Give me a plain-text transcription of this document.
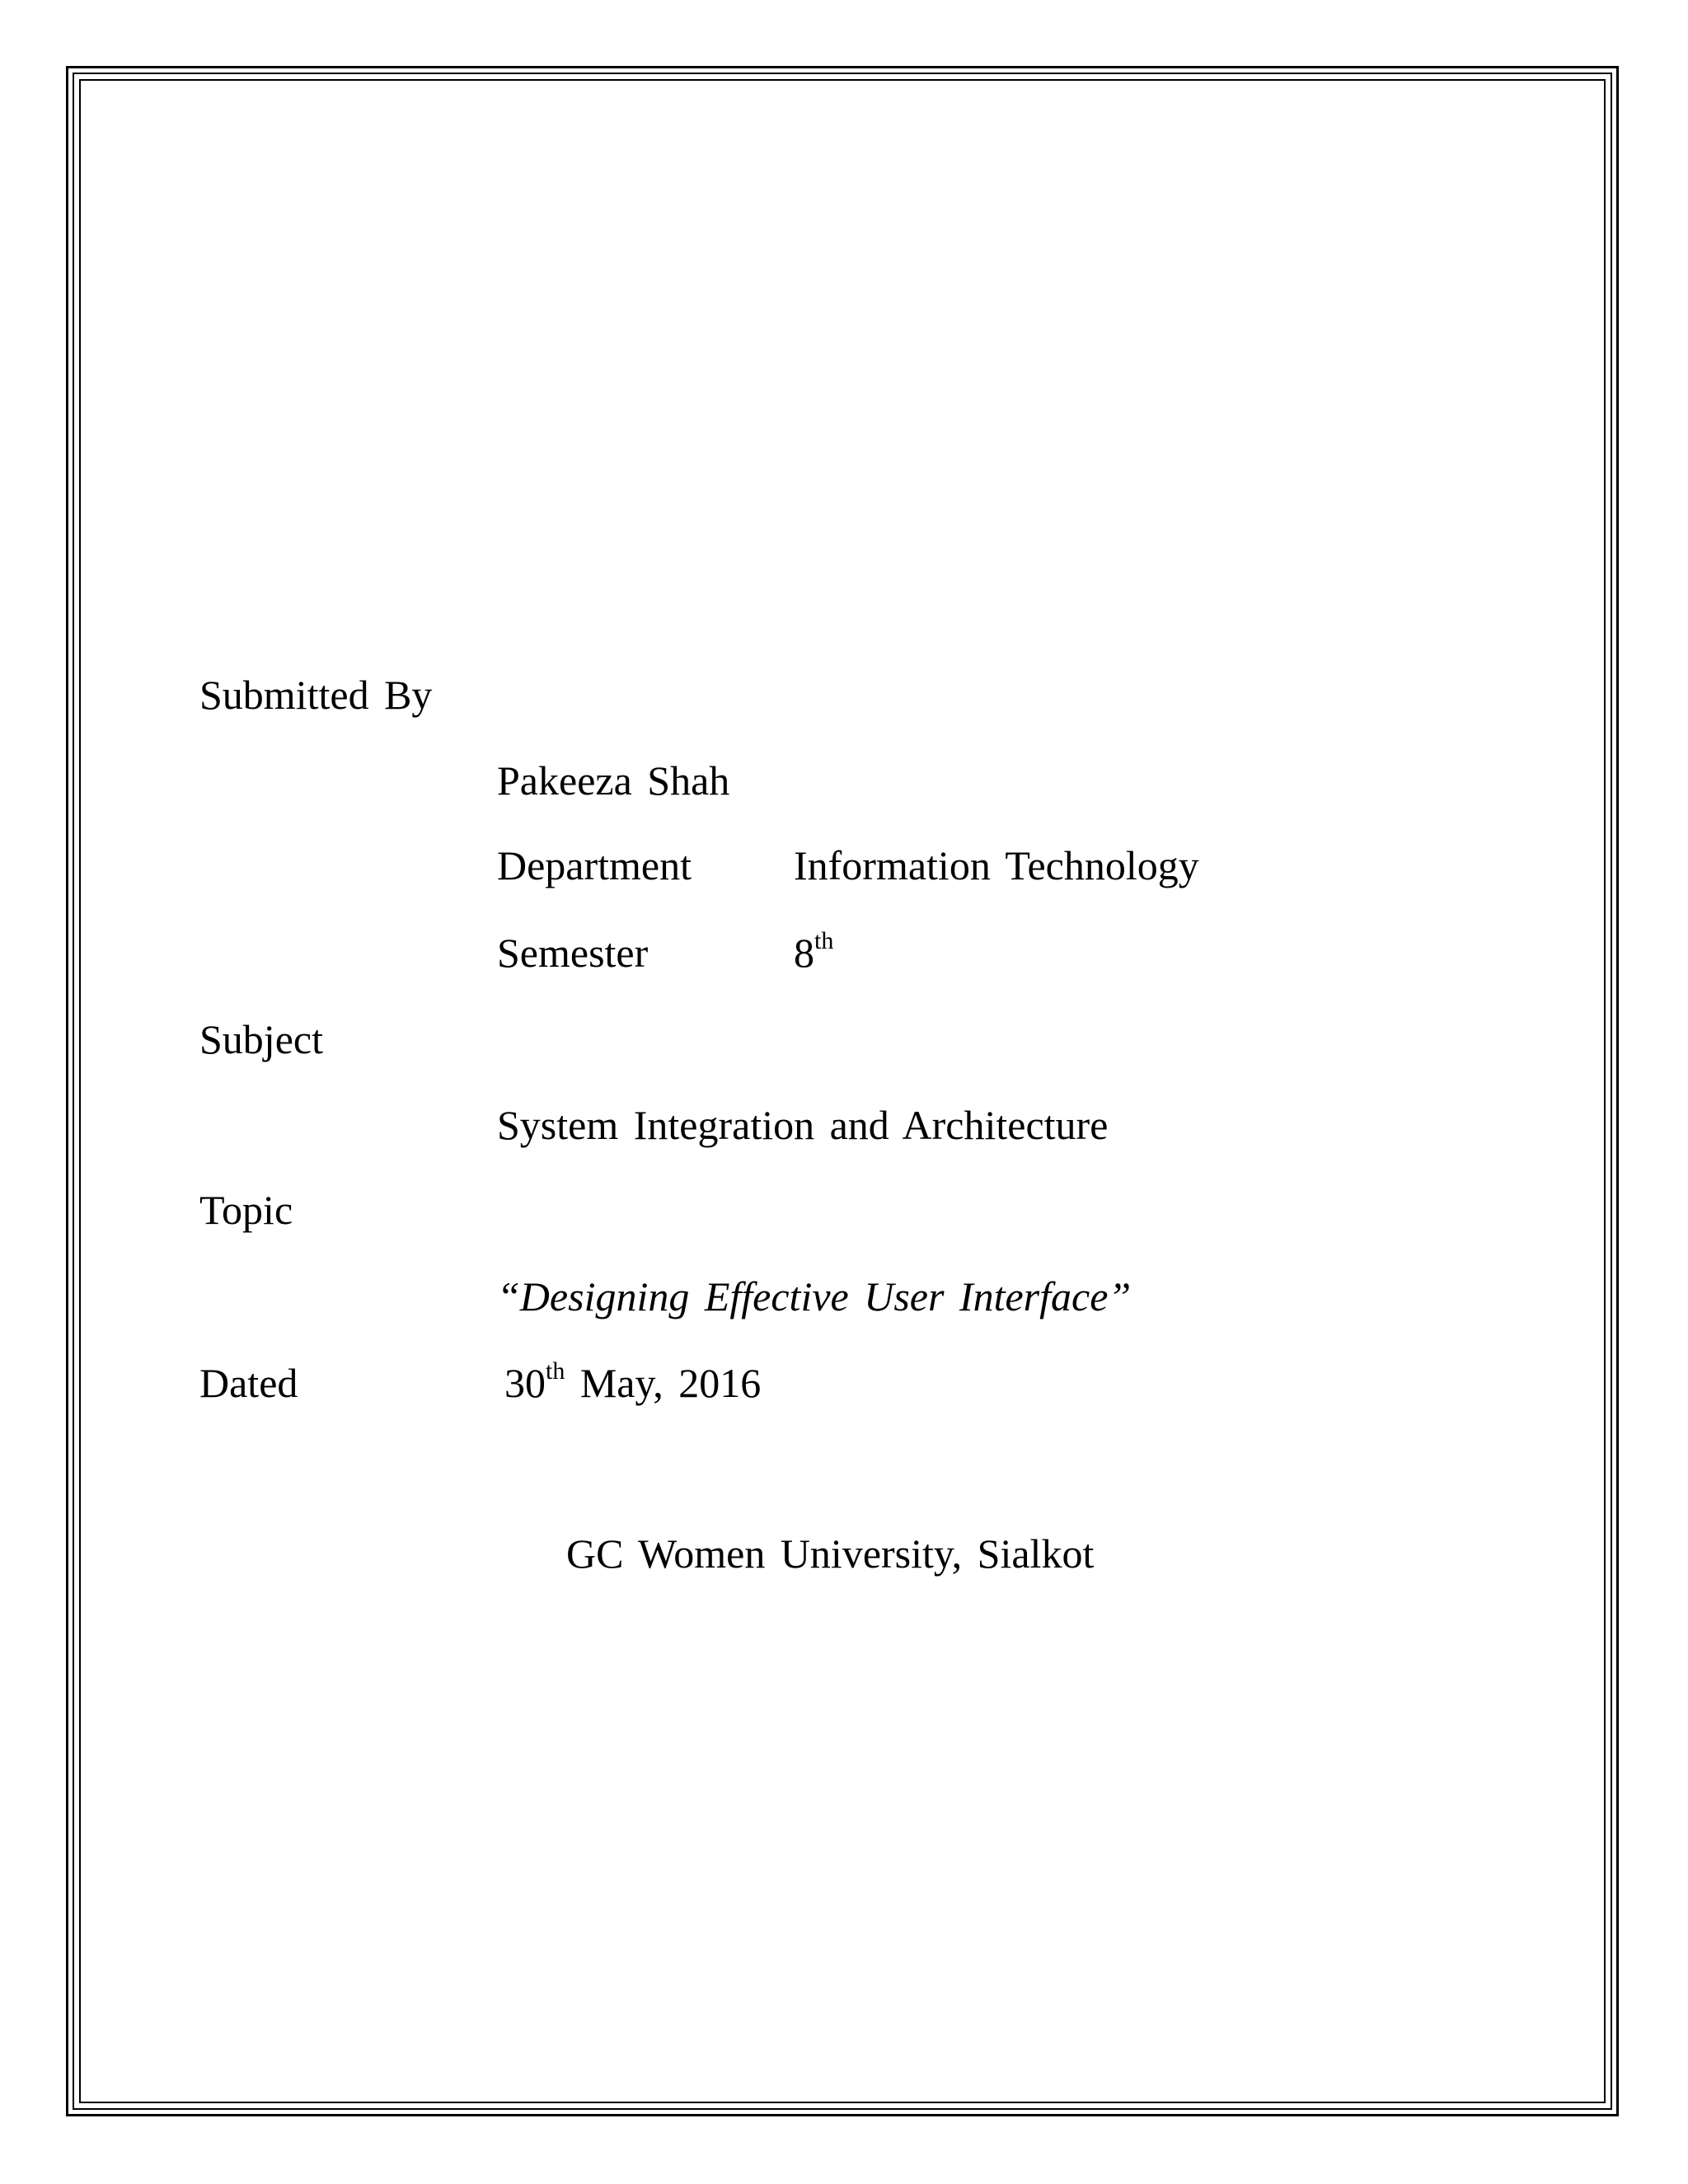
Submitted By
Pakeeza Shah
Department Information Technology
Semester	8th
Subject
System Integration and Architecture
Topic
“Designing Effective User Interface”
Dated	30th May, 2016
GC Women University, Sialkot
